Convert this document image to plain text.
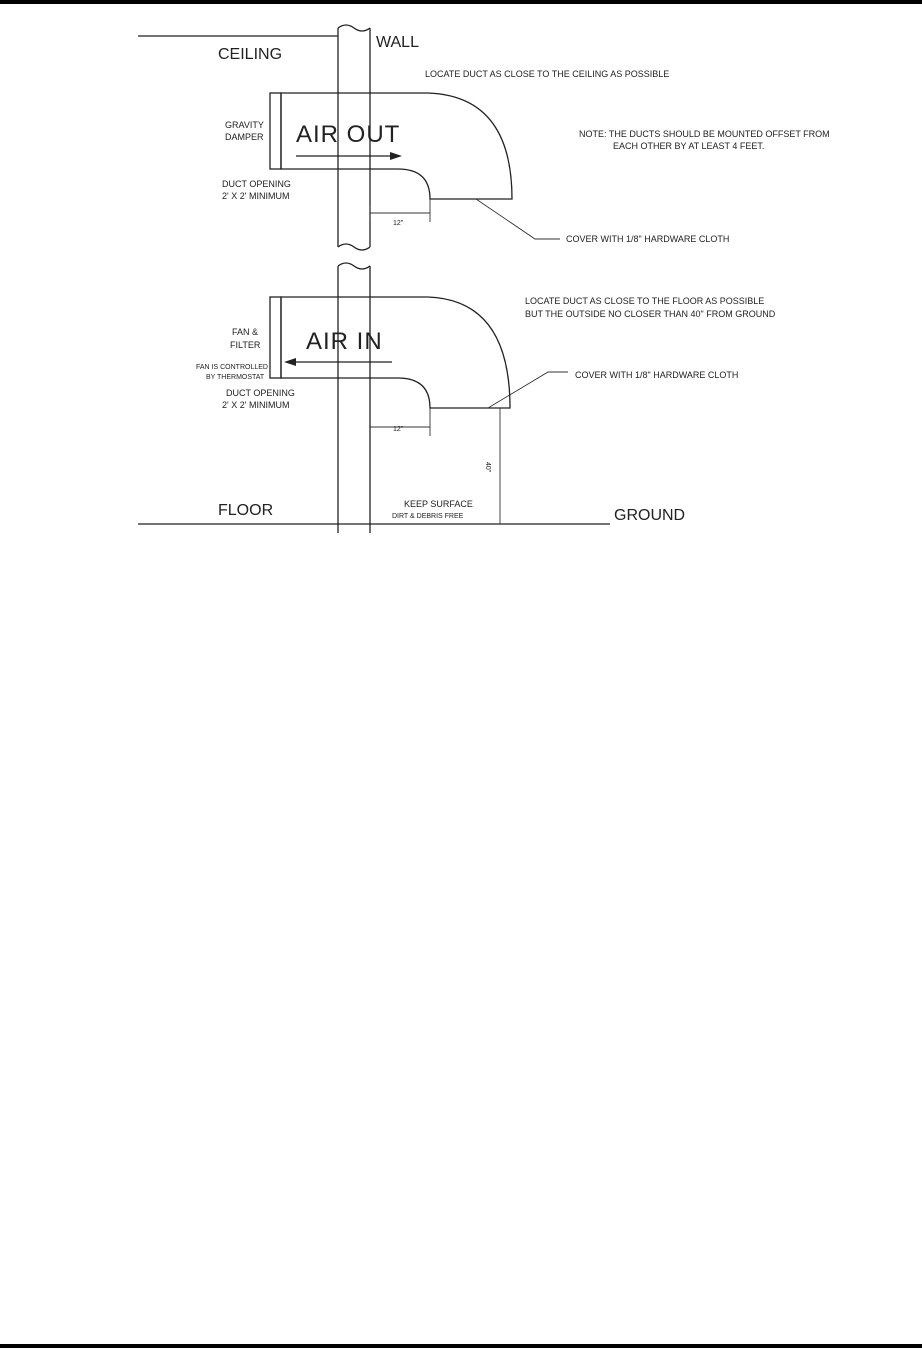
CEILING
WALL
LOCATE DUCT AS CLOSE TO THE CEILING AS POSSIBLE
NOTE: THE DUCTS SHOULD BE MOUNTED OFFSET FROM
EACH OTHER BY AT LEAST 4 FEET.
GRAVITY
DAMPER AIR OUT
DUCT OPENING
2' X 2' MINIMUM
12"
COVER WITH 1/8" HARDWARE CLOTH
LOCATE DUCT AS CLOSE TO THE FLOOR AS POSSIBLE
BUT THE OUTSIDE NO CLOSER THAN 40" FROM GROUND
FAN &
FILTER
FAN IS CONTROLLED
BY THERMOSTAT
AIR IN
DUCT OPENING
2' X 2' MINIMUM
COVER WITH 1/8" HARDWARE CLOTH
12"
40"
KEEP SURFACE
DIRT & DEBRIS FREE
FLOOR	GROUND
